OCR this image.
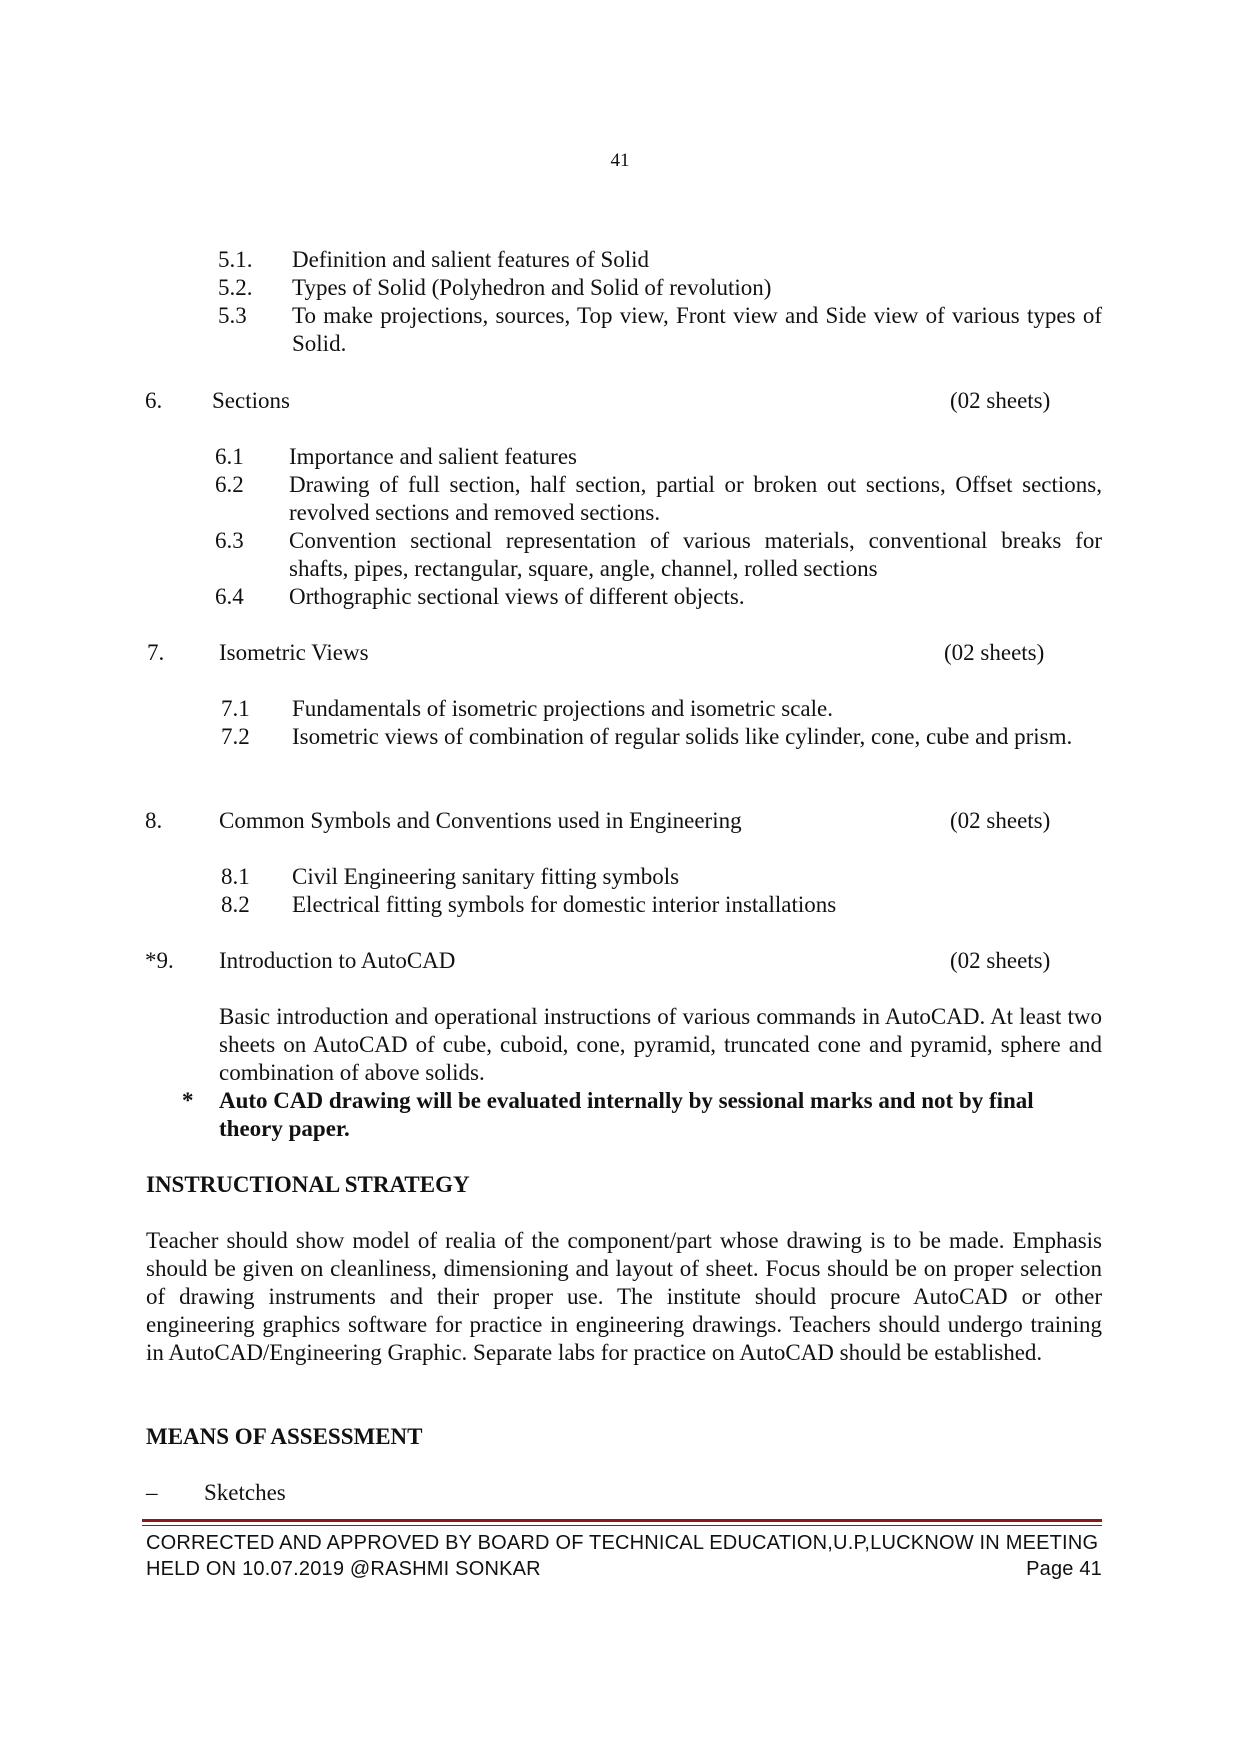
41
5.1. Definition and salient features of Solid
5.2. Types of Solid (Polyhedron and Solid of revolution)
5.3 To make projections, sources, Top view, Front view and Side view of various types of Solid.
6. Sections	(02 sheets)
6.1 Importance and salient features
6.2 Drawing of full section, half section, partial or broken out sections, Offset sections, revolved sections and removed sections.
6.3 Convention sectional representation of various materials, conventional breaks for shafts, pipes, rectangular, square, angle, channel, rolled sections
6.4 Orthographic sectional views of different objects.
7. Isometric Views	(02 sheets)
7.1 Fundamentals of isometric projections and isometric scale.
7.2 Isometric views of combination of regular solids like cylinder, cone, cube and prism.
8. Common Symbols and Conventions used in Engineering	(02 sheets)
8.1 Civil Engineering sanitary fitting symbols
8.2 Electrical fitting symbols for domestic interior installations
*9. Introduction to AutoCAD	(02 sheets)
Basic introduction and operational instructions of various commands in AutoCAD. At least two sheets on AutoCAD of cube, cuboid, cone, pyramid, truncated cone and pyramid, sphere and combination of above solids.
* Auto CAD drawing will be evaluated internally by sessional marks and not by final theory paper.
INSTRUCTIONAL STRATEGY
Teacher should show model of realia of the component/part whose drawing is to be made. Emphasis should be given on cleanliness, dimensioning and layout of sheet. Focus should be on proper selection of drawing instruments and their proper use. The institute should procure AutoCAD or other engineering graphics software for practice in engineering drawings. Teachers should undergo training in AutoCAD/Engineering Graphic. Separate labs for practice on AutoCAD should be established.
MEANS OF ASSESSMENT
– Sketches
CORRECTED AND APPROVED BY BOARD OF TECHNICAL EDUCATION,U.P,LUCKNOW IN MEETING
HELD ON 10.07.2019 @RASHMI SONKAR	Page 41
